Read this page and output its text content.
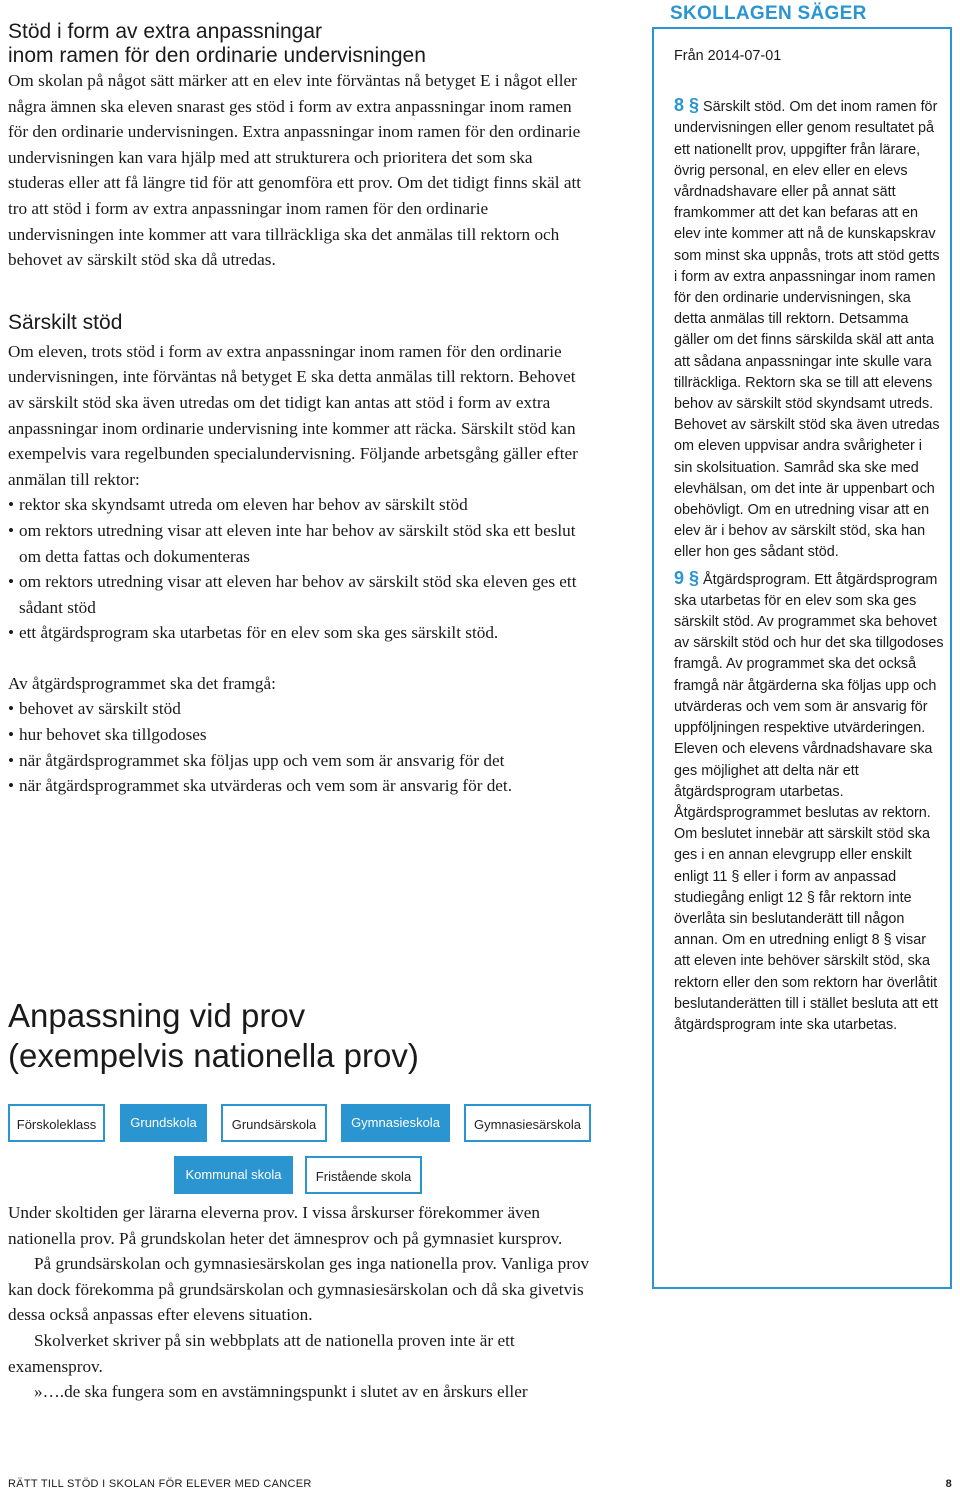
Stöd i form av extra anpassningar
inom ramen för den ordinarie undervisningen

Om skolan på något sätt märker att en elev inte förväntas nå betyget E i något eller några ämnen ska eleven snarast ges stöd i form av extra anpassningar inom ramen för den ordinarie undervisningen. Extra anpassningar inom ramen för den ordinarie undervisningen kan vara hjälp med att strukturera och prioritera det som ska studeras eller att få längre tid för att genomföra ett prov. Om det tidigt finns skäl att tro att stöd i form av extra anpassningar inom ramen för den ordinarie undervisningen inte kommer att vara tillräckliga ska det anmälas till rektorn och behovet av särskilt stöd ska då utredas.

Särskilt stöd

Om eleven, trots stöd i form av extra anpassningar inom ramen för den ordinarie undervisningen, inte förväntas nå betyget E ska detta anmälas till rektorn. Behovet av särskilt stöd ska även utredas om det tidigt kan antas att stöd i form av extra anpassningar inom ordinarie undervisning inte kommer att räcka. Särskilt stöd kan exempelvis vara regelbunden specialundervisning. Följande arbetsgång gäller efter anmälan till rektor:

• rektor ska skyndsamt utreda om eleven har behov av särskilt stöd
• om rektors utredning visar att eleven inte har behov av särskilt stöd ska ett beslut om detta fattas och dokumenteras
• om rektors utredning visar att eleven har behov av särskilt stöd ska eleven ges ett sådant stöd
• ett åtgärdsprogram ska utarbetas för en elev som ska ges särskilt stöd.

Av åtgärdsprogrammet ska det framgå:

• behovet av särskilt stöd
• hur behovet ska tillgodoses
• när åtgärdsprogrammet ska följas upp och vem som är ansvarig för det
• när åtgärdsprogrammet ska utvärderas och vem som är ansvarig för det.
Anpassning vid prov
(exempelvis nationella prov)
Förskoleklass	Grundskola	Grundsärskola	Gymnasieskola	Gymnasiesärskola
Kommunal skola	Fristående skola

Under skoltiden ger lärarna eleverna prov. I vissa årskurser förekommer även nationella prov. På grundskolan heter det ämnesprov och på gymnasiet kursprov.

På grundsärskolan och gymnasiesärskolan ges inga nationella prov. Vanliga prov kan dock förekomma på grundsärskolan och gymnasiesärskolan och då ska givetvis dessa också anpassas efter elevens situation.

Skolverket skriver på sin webbplats att de nationella proven inte är ett examensprov.

»….de ska fungera som en avstämningspunkt i slutet av en årskurs eller

SKOLLAGEN SÄGER

Från 2014-07-01

8 § Särskilt stöd. Om det inom ramen för undervisningen eller genom resultatet på ett nationellt prov, uppgifter från lärare, övrig personal, en elev eller en elevs vårdnadshavare eller på annat sätt framkommer att det kan befaras att en elev inte kommer att nå de kunskapskrav som minst ska uppnås, trots att stöd getts i form av extra anpassningar inom ramen för den ordinarie undervisningen, ska detta anmälas till rektorn. Detsamma gäller om det finns särskilda skäl att anta att sådana anpassningar inte skulle vara tillräckliga. Rektorn ska se till att elevens behov av särskilt stöd skyndsamt utreds. Behovet av särskilt stöd ska även utredas om eleven uppvisar andra svårigheter i sin skolsituation. Samråd ska ske med elevhälsan, om det inte är uppenbart och obehövligt. Om en utredning visar att en elev är i behov av särskilt stöd, ska han eller hon ges sådant stöd.

9 § Åtgärdsprogram. Ett åtgärdsprogram ska utarbetas för en elev som ska ges särskilt stöd. Av programmet ska behovet av särskilt stöd och hur det ska tillgodoses framgå. Av programmet ska det också framgå när åtgärderna ska följas upp och utvärderas och vem som är ansvarig för uppföljningen respektive utvärderingen. Eleven och elevens vårdnadshavare ska ges möjlighet att delta när ett åtgärdsprogram utarbetas. Åtgärdsprogrammet beslutas av rektorn. Om beslutet innebär att särskilt stöd ska ges i en annan elevgrupp eller enskilt enligt 11 § eller i form av anpassad studiegång enligt 12 § får rektorn inte överlåta sin beslutanderätt till någon annan. Om en utredning enligt 8 § visar att eleven inte behöver särskilt stöd, ska rektorn eller den som rektorn har överlåtit beslutanderätten till i stället besluta att ett åtgärdsprogram inte ska utarbetas.

RÄTT TILL STÖD I SKOLAN FÖR ELEVER MED CANCER	8
